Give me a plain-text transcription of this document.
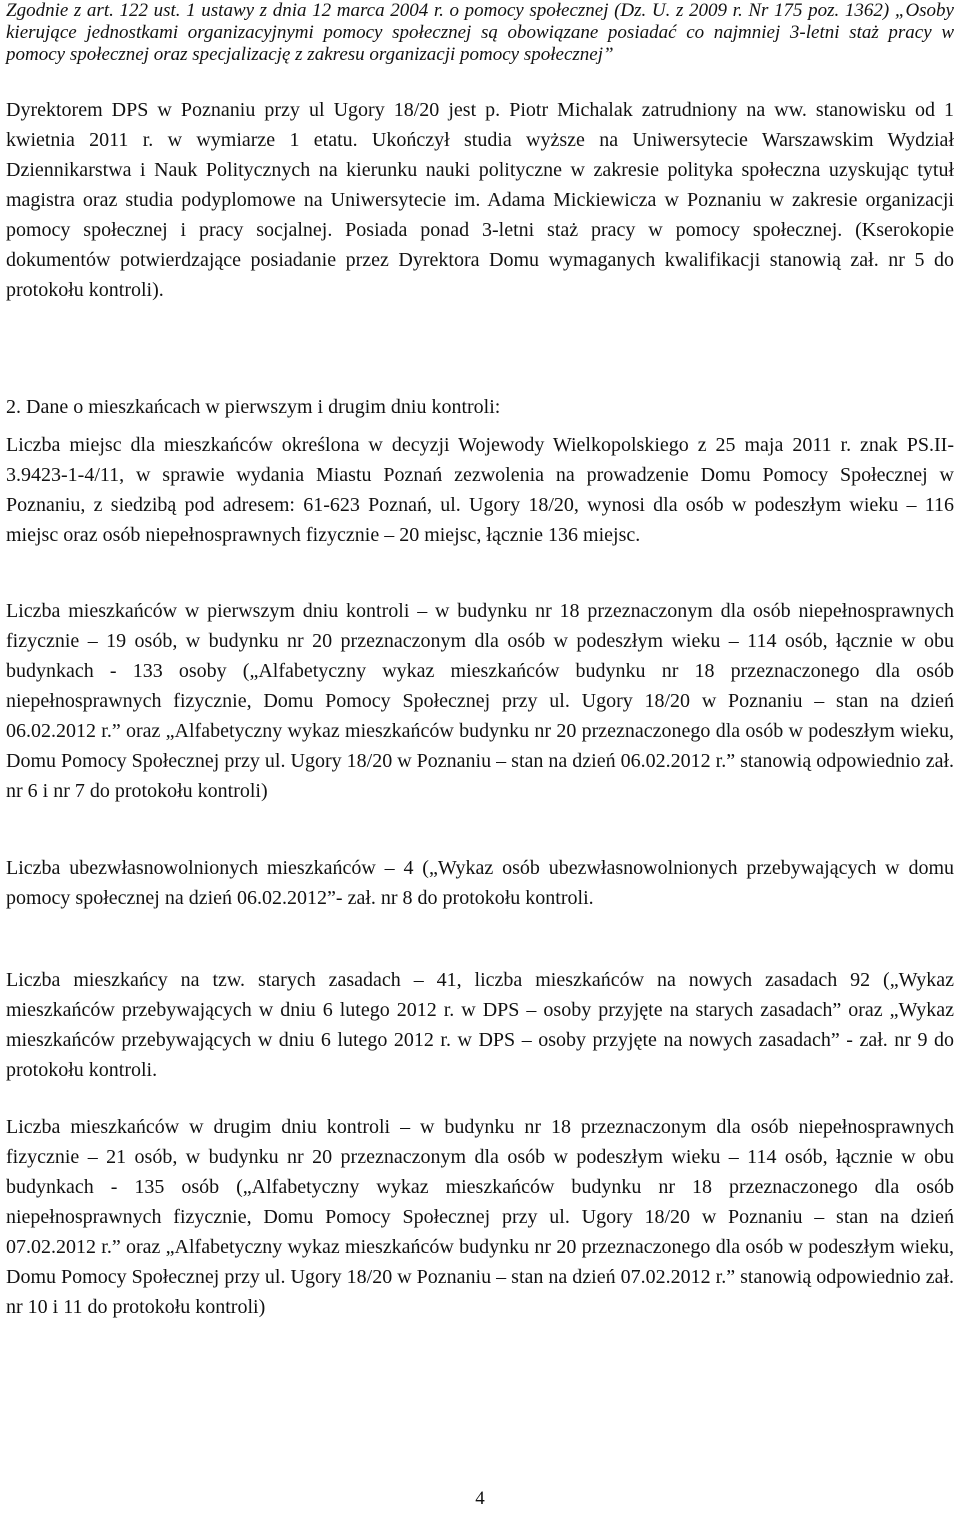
Zgodnie z art. 122 ust. 1 ustawy z dnia 12 marca 2004 r. o pomocy społecznej (Dz. U. z 2009 r. Nr 175 poz. 1362) „Osoby kierujące jednostkami organizacyjnymi pomocy społecznej są obowiązane posiadać co najmniej 3-letni staż pracy w pomocy społecznej oraz specjalizację z zakresu organizacji pomocy społecznej”

Dyrektorem DPS w Poznaniu przy ul Ugory 18/20 jest p. Piotr Michalak zatrudniony na ww. stanowisku od 1 kwietnia 2011 r. w wymiarze 1 etatu. Ukończył studia wyższe na Uniwersytecie Warszawskim Wydział Dziennikarstwa i Nauk Politycznych na kierunku nauki polityczne w zakresie polityka społeczna uzyskując tytuł magistra oraz studia podyplomowe na Uniwersytecie im. Adama Mickiewicza w Poznaniu w zakresie organizacji pomocy społecznej i pracy socjalnej. Posiada ponad 3-letni staż pracy w pomocy społecznej. (Kserokopie dokumentów potwierdzające posiadanie przez Dyrektora Domu wymaganych kwalifikacji stanowią zał. nr 5 do protokołu kontroli).

2. Dane o mieszkańcach w pierwszym i drugim dniu kontroli:

Liczba miejsc dla mieszkańców określona w decyzji Wojewody Wielkopolskiego z 25 maja 2011 r. znak PS.II-3.9423-1-4/11, w sprawie wydania Miastu Poznań zezwolenia na prowadzenie Domu Pomocy Społecznej w Poznaniu, z siedzibą pod adresem: 61-623 Poznań, ul. Ugory 18/20, wynosi dla osób w podeszłym wieku – 116 miejsc oraz osób niepełnosprawnych fizycznie – 20 miejsc, łącznie 136 miejsc.

Liczba mieszkańców w pierwszym dniu kontroli – w budynku nr 18 przeznaczonym dla osób niepełnosprawnych fizycznie – 19 osób, w budynku nr 20 przeznaczonym dla osób w podeszłym wieku – 114 osób, łącznie w obu budynkach - 133 osoby („Alfabetyczny wykaz mieszkańców budynku nr 18 przeznaczonego dla osób niepełnosprawnych fizycznie, Domu Pomocy Społecznej przy ul. Ugory 18/20 w Poznaniu – stan na dzień 06.02.2012 r.” oraz „Alfabetyczny wykaz mieszkańców budynku nr 20 przeznaczonego dla osób w podeszłym wieku, Domu Pomocy Społecznej przy ul. Ugory 18/20 w Poznaniu – stan na dzień 06.02.2012 r.” stanowią odpowiednio zał. nr 6 i nr 7 do protokołu kontroli)

Liczba ubezwłasnowolnionych mieszkańców – 4 („Wykaz osób ubezwłasnowolnionych przebywających w domu pomocy społecznej na dzień 06.02.2012”- zał. nr 8 do protokołu kontroli.

Liczba mieszkańcy na tzw. starych zasadach – 41, liczba mieszkańców na nowych zasadach 92 („Wykaz mieszkańców przebywających w dniu 6 lutego 2012 r. w DPS – osoby przyjęte na starych zasadach” oraz „Wykaz mieszkańców przebywających w dniu 6 lutego 2012 r. w DPS – osoby przyjęte na nowych zasadach” - zał. nr 9 do protokołu kontroli.

Liczba mieszkańców w drugim dniu kontroli – w budynku nr 18 przeznaczonym dla osób niepełnosprawnych fizycznie – 21 osób, w budynku nr 20 przeznaczonym dla osób w podeszłym wieku – 114 osób, łącznie w obu budynkach - 135 osób („Alfabetyczny wykaz mieszkańców budynku nr 18 przeznaczonego dla osób niepełnosprawnych fizycznie, Domu Pomocy Społecznej przy ul. Ugory 18/20 w Poznaniu – stan na dzień 07.02.2012 r.” oraz „Alfabetyczny wykaz mieszkańców budynku nr 20 przeznaczonego dla osób w podeszłym wieku, Domu Pomocy Społecznej przy ul. Ugory 18/20 w Poznaniu – stan na dzień 07.02.2012 r.” stanowią odpowiednio zał. nr 10 i 11 do protokołu kontroli)

4
